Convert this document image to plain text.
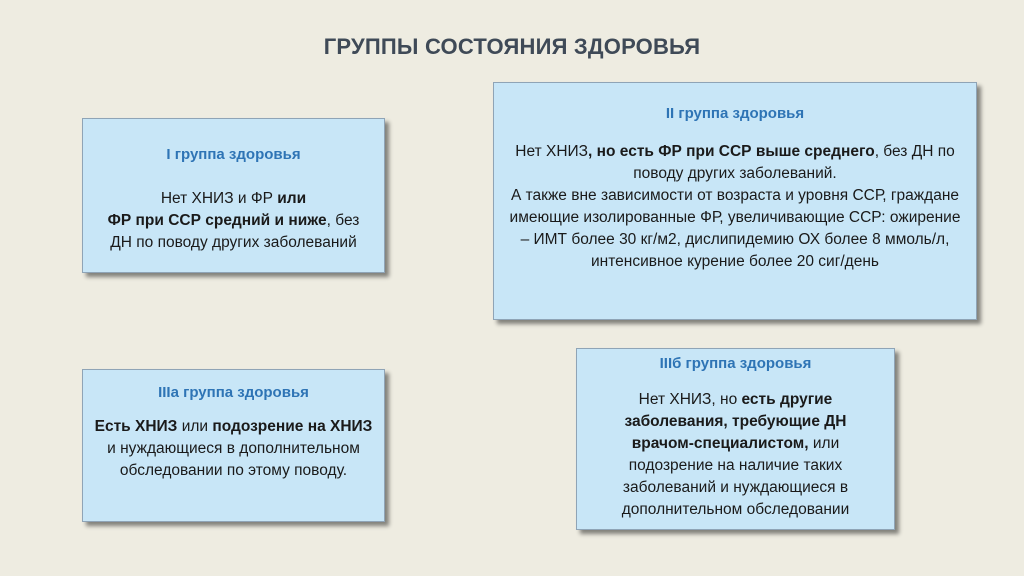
ГРУППЫ СОСТОЯНИЯ ЗДОРОВЬЯ
I группа здоровья
Нет ХНИЗ и ФР или
ФР при ССР средний и ниже, без ДН по поводу других заболеваний
II группа здоровья
Нет ХНИЗ, но есть ФР при ССР выше среднего, без ДН по поводу других заболеваний.
А также вне зависимости от возраста и уровня ССР, граждане имеющие изолированные ФР, увеличивающие ССР: ожирение – ИМТ более 30 кг/м2, дислипидемию ОХ более 8 ммоль/л, интенсивное курение более 20 сиг/день
IIIа группа здоровья
Есть ХНИЗ или подозрение на ХНИЗ и нуждающиеся в дополнительном обследовании по этому поводу.
IIIб группа здоровья
Нет ХНИЗ, но есть другие заболевания, требующие ДН врачом-специалистом, или подозрение на наличие таких заболеваний и нуждающиеся в дополнительном обследовании
